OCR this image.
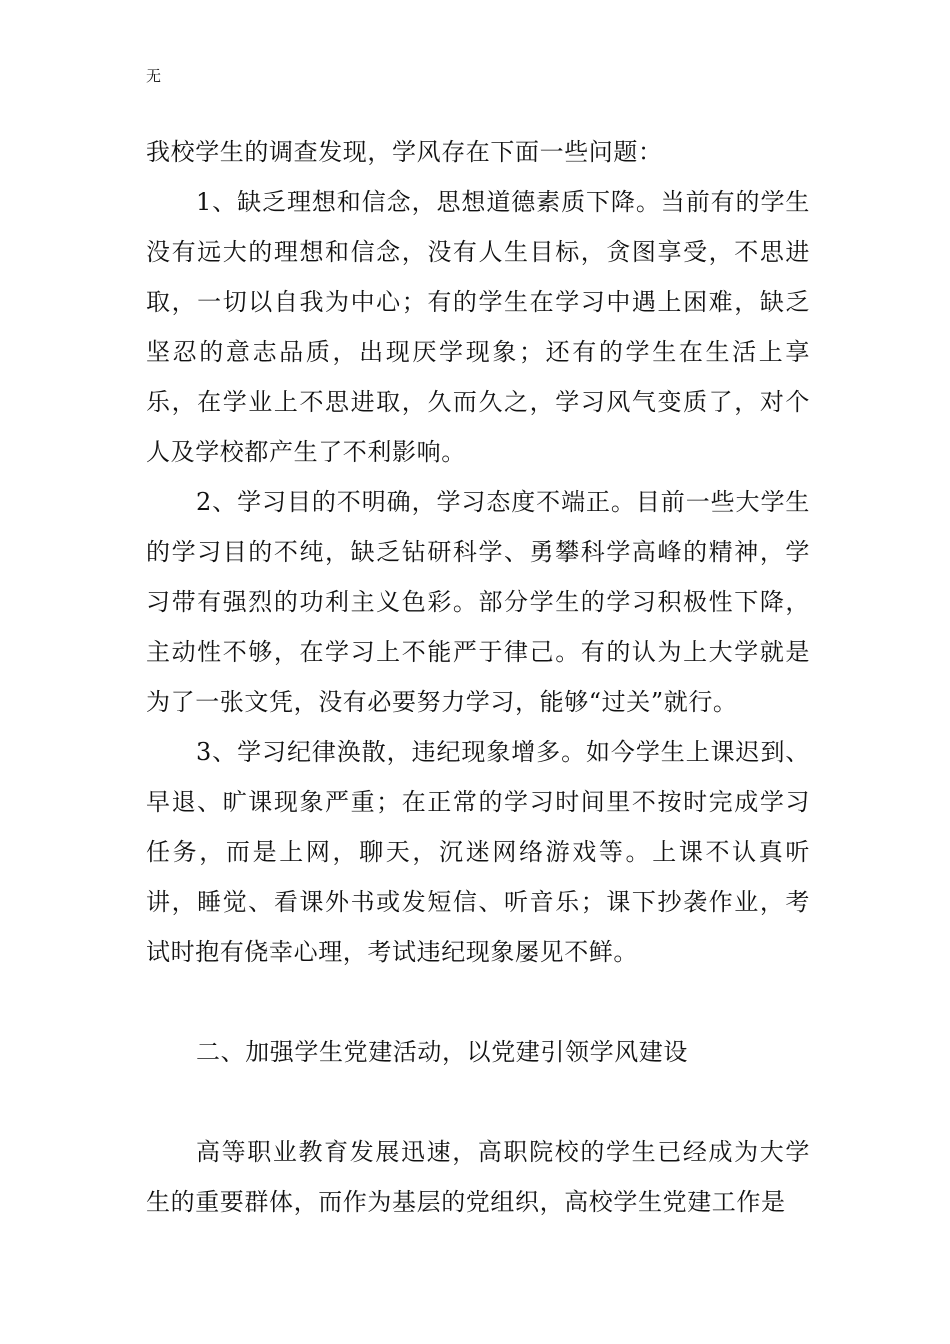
无

我校学生的调查发现，学风存在下面一些问题：

1、缺乏理想和信念，思想道德素质下降。当前有的学生没有远大的理想和信念，没有人生目标，贪图享受，不思进取，一切以自我为中心；有的学生在学习中遇上困难，缺乏坚忍的意志品质，出现厌学现象；还有的学生在生活上享乐，在学业上不思进取，久而久之，学习风气变质了，对个人及学校都产生了不利影响。

2、学习目的不明确，学习态度不端正。目前一些大学生的学习目的不纯，缺乏钻研科学、勇攀科学高峰的精神，学习带有强烈的功利主义色彩。部分学生的学习积极性下降，主动性不够，在学习上不能严于律己。有的认为上大学就是为了一张文凭，没有必要努力学习，能够“过关”就行。

3、学习纪律涣散，违纪现象增多。如今学生上课迟到、早退、旷课现象严重；在正常的学习时间里不按时完成学习任务，而是上网，聊天，沉迷网络游戏等。上课不认真听讲，睡觉、看课外书或发短信、听音乐；课下抄袭作业，考试时抱有侥幸心理，考试违纪现象屡见不鲜。

二、加强学生党建活动，以党建引领学风建设

高等职业教育发展迅速，高职院校的学生已经成为大学生的重要群体，而作为基层的党组织，高校学生党建工作是
